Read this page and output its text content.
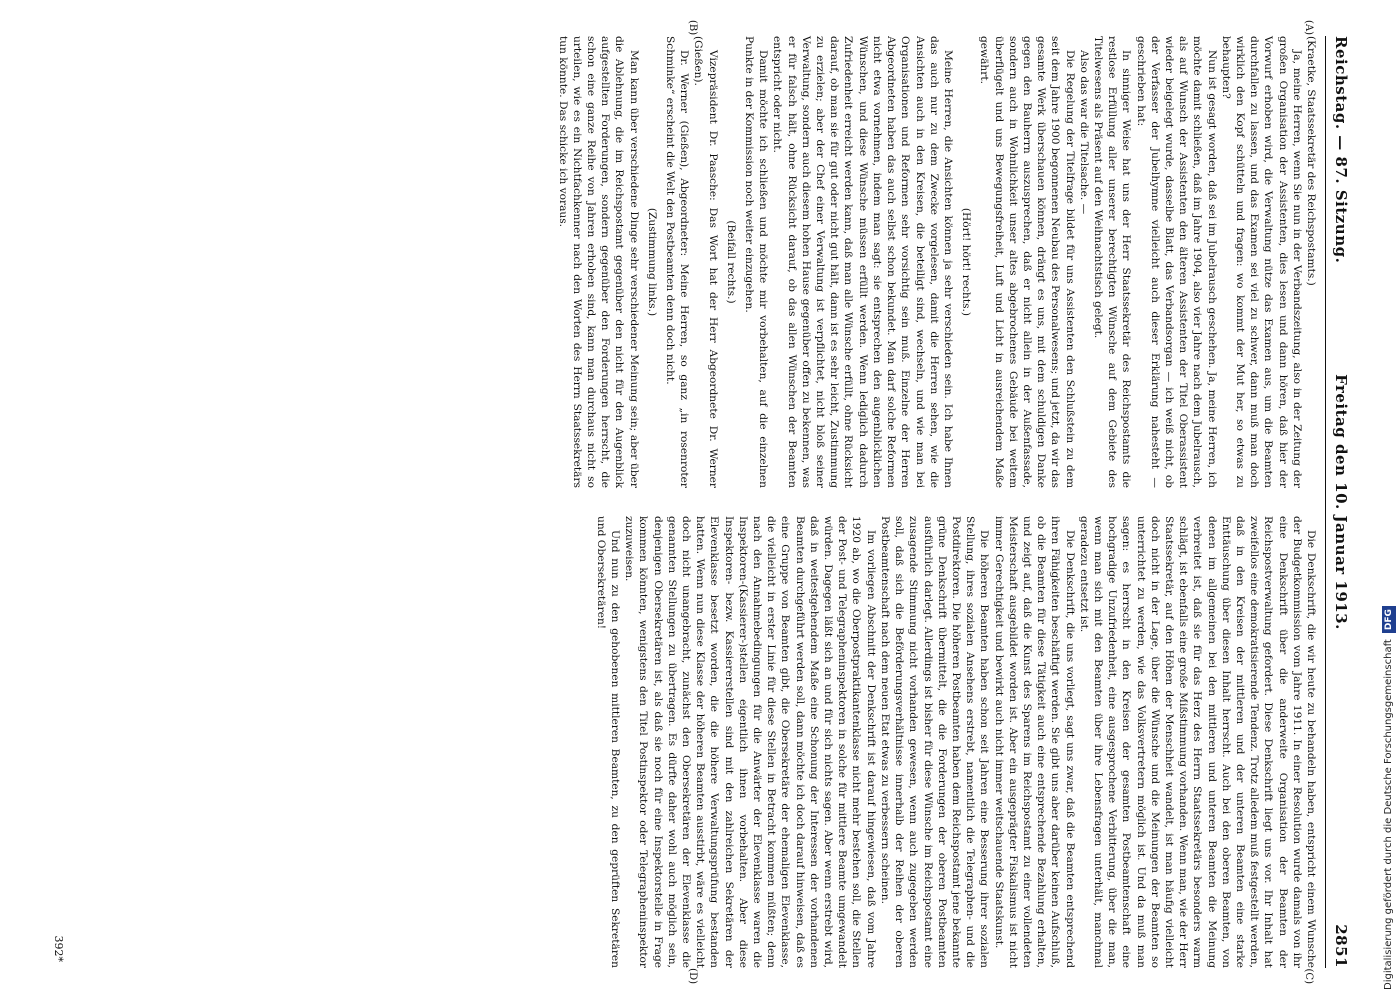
Reichstag. — 87. Sitzung.
Freitag den 10. Januar 1913.
2851
(A)
(B)
(C)
(D)

(Kraetke, Staatssekretär des Reichspostamts.)

Ja, meine Herren, wenn Sie nun in der Verbandszeitung, also in der Zeitung der großen Organisation der Assistenten, dies lesen und dann hören, daß hier der Vorwurf erhoben wird, die Verwaltung nütze das Examen aus, um die Beamten durchfallen zu lassen, und das Examen sei viel zu schwer, dann muß man doch wirklich den Kopf schütteln und fragen: wo kommt der Mut her, so etwas zu behaupten?

Nun ist gesagt worden, daß sei im Jubelrausch geschehen. Ja, meine Herren, ich möchte damit schließen, daß im Jahre 1904, also vier Jahre nach dem Jubelrausch, als auf Wunsch der Assistenten den älteren Assistenten der Titel Oberassistent wieder beigelegt wurde, dasselbe Blatt, das Verbandsorgan — ich weiß nicht, ob der Verfasser der Jubelhymne vielleicht auch dieser Erklärung nahesteht — geschrieben hat:

In sinniger Weise hat uns der Herr Staatssekretär des Reichspostamts die restlose Erfüllung aller unserer berechtigten Wünsche auf dem Gebiete des Titelwesens als Präsent auf den Weihnachtstisch gelegt.

Also das war die Titelsache. —

Die Regelung der Titelfrage bildet für uns Assistenten den Schlußstein zu dem seit dem Jahre 1900 begonnenen Neubau des Personalwesens; und jetzt, da wir das gesamte Werk überschauen können, drängt es uns, mit dem schuldigen Danke gegen den Bauherrn auszusprechen, daß er nicht allein in der Außenfassade, sondern auch in Wohnlichkeit unser altes abgebrochenes Gebäude bei weitem überflügelt und uns Bewegungsfreiheit, Luft und Licht in ausreichendem Maße gewährt.

(Hört! hört! rechts.)

Meine Herren, die Ansichten können ja sehr verschieden sein. Ich habe Ihnen das auch nur zu dem Zwecke vorgelesen, damit die Herren sehen, wie die Ansichten auch in den Kreisen, die beteiligt sind, wechseln, und wie man bei Organisationen und Reformen sehr vorsichtig sein muß. Einzelne der Herren Abgeordneten haben das auch selbst schon bekundet. Man darf solche Reformen nicht etwa vornehmen, indem man sagt: sie entsprechen den augenblicklichen Wünschen, und diese Wünsche müssen erfüllt werden. Wenn lediglich dadurch Zufriedenheit erreicht werden kann, daß man alle Wünsche erfüllt, ohne Rücksicht darauf, ob man sie für gut oder nicht gut hält, dann ist es sehr leicht, Zustimmung zu erzielen; aber der Chef einer Verwaltung ist verpflichtet, nicht bloß seiner Verwaltung, sondern auch diesem hohen Hause gegenüber offen zu bekennen, was er für falsch hält, ohne Rücksicht darauf, ob das allen Wünschen der Beamten entspricht oder nicht.

Damit möchte ich schließen und möchte mir vorbehalten, auf die einzelnen Punkte in der Kommission noch weiter einzugehen.

(Beifall rechts.)

Vizepräsident Dr. Paasche: Das Wort hat der Herr Abgeordnete Dr. Werner (Gießen).

Dr. Werner (Gießen), Abgeordneter: Meine Herren, so ganz „in rosenroter Schminke“ erscheint die Welt den Postbeamten denn doch nicht.

(Zustimmung links.)

Man kann über verschiedene Dinge sehr verschiedener Meinung sein; aber über die Ablehnung, die im Reichspostamt gegenüber den nicht für den Augenblick aufgestellten Forderungen, sondern gegenüber den Forderungen herrscht, die schon eine ganze Reihe von Jahren erhoben sind, kann man durchaus nicht so urteilen, wie es ein Nichtfachkenner nach den Worten des Herrn Staatssekretärs tun könnte. Das schicke ich voraus.

Die Denkschrift, die wir heute zu behandeln haben, entspricht einem Wunsche der Budgetkommission vom Jahre 1911. In einer Resolution wurde damals von ihr eine Denkschrift über die anderweite Organisation der Beamten der Reichspostverwaltung gefordert. Diese Denkschrift liegt uns vor. Ihr Inhalt hat zweifellos eine demokratisierende Tendenz. Trotz alledem muß festgestellt werden, daß in den Kreisen der mittleren und der unteren Beamten eine starke Enttäuschung über diesen Inhalt herrscht. Auch bei den oberen Beamten, von denen im allgemeinen bei den mittleren und unteren Beamten die Meinung verbreitet ist, daß sie für das Herz des Herrn Staatssekretärs besonders warm schlägt, ist ebenfalls eine große Mißstimmung vorhanden. Wenn man, wie der Herr Staatssekretär, auf den Höhen der Menschheit wandelt, ist man häufig vielleicht doch nicht in der Lage, über die Wünsche und die Meinungen der Beamten so unterrichtet zu werden, wie das Volksvertretern möglich ist. Und da muß man sagen: es herrscht in den Kreisen der gesamten Postbeamtenschaft eine hochgradige Unzufriedenheit, eine ausgesprochene Verbitterung, über die man, wenn man sich mit den Beamten über ihre Lebensfragen unterhält, manchmal geradezu entsetzt ist.

Die Denkschrift, die uns vorliegt, sagt uns zwar, daß die Beamten entsprechend ihren Fähigkeiten beschäftigt werden. Sie gibt uns aber darüber keinen Aufschluß, ob die Beamten für diese Tätigkeit auch eine entsprechende Bezahlung erhalten, und zeigt auf, daß die Kunst des Sparens im Reichspostamt zu einer vollendeten Meisterschaft ausgebildet worden ist. Aber ein ausgeprägter Fiskalismus ist nicht immer Gerechtigkeit und bewirkt auch nicht immer weitschauende Staatskunst.

Die höheren Beamten haben schon seit Jahren eine Besserung ihrer sozialen Stellung, ihres sozialen Ansehens erstrebt, namentlich die Telegraphen- und die Postdirektoren. Die höheren Postbeamten haben dem Reichspostamt jene bekannte grüne Denkschrift übermittelt, die die Forderungen der oberen Postbeamten ausführlich darlegt. Allerdings ist bisher für diese Wünsche im Reichspostamt eine zusagende Stimmung nicht vorhanden gewesen, wenn auch zugegeben werden soll, daß sich die Beförderungsverhältnisse innerhalb der Reihen der oberen Postbeamtenschaft nach dem neuen Etat etwas zu verbessern scheinen.

Im vorliegen Abschnitt der Denkschrift ist darauf hingewiesen, daß vom Jahre 1920 ab, wo die Oberpostpraktikantenklasse nicht mehr bestehen soll, die Stellen der Post- und Telegrapheninspektoren in solche für mittlere Beamte umgewandelt würden. Dagegen läßt sich an und für sich nichts sagen. Aber wenn erstrebt wird, daß in weitestgehendem Maße eine Schonung der Interessen der vorhandenen Beamten durchgeführt werden soll, dann möchte ich doch darauf hinweisen, daß es eine Gruppe von Beamten gibt, die Obersekretäre der ehemaligen Elevenklasse, die vielleicht in erster Linie für diese Stellen in Betracht kommen müßten; denn nach den Annahmebedingungen für die Anwärter der Elevenklasse waren die Inspektoren-(Kassierer-)stellen eigentlich ihnen vorbehalten. Aber diese Inspektoren- bezw. Kassiererstellen sind mit den zahlreichen Sekretären der Elevenklasse besetzt worden, die die höhere Verwaltungsprüfung bestanden hatten. Wenn nun diese Klasse der höheren Beamten ausstirbt, wäre es vielleicht doch nicht unangebracht, zunächst den Obersekretären der Elevenklasse die genannten Stellungen zu übertragen. Es dürfte daher wohl auch möglich sein, denjenigen Obersekretären ist, als daß sie noch für eine Inspektorstelle in Frage kommen könnten, wenigstens den Titel Postinspektor oder Telegrapheninspektor zuzuweisen.

Und nun zu den gehobenen mittleren Beamten, zu den geprüften Sekretären und Obersekretären!

392*	Digitalisierung gefördert durch die Deutsche ForschungsgemeinschaftDFG
